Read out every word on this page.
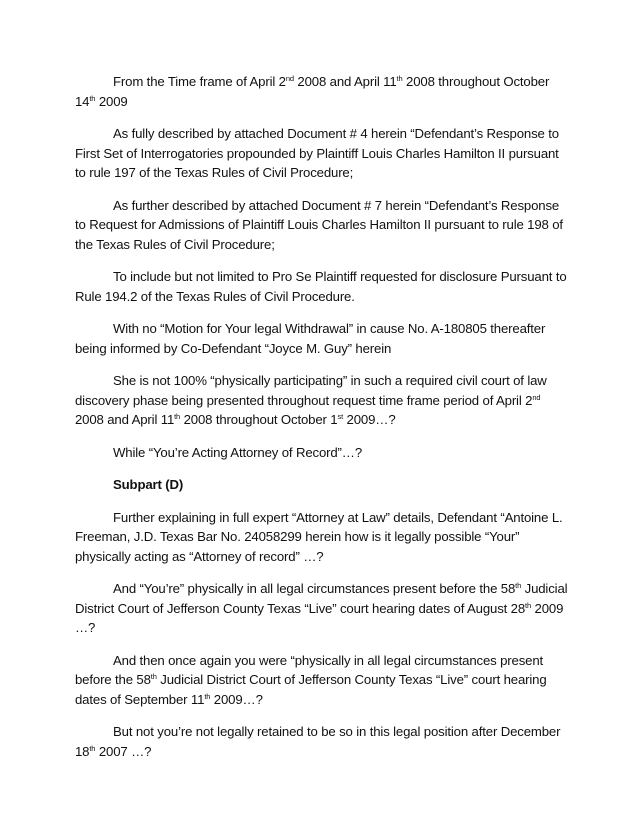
From the Time frame of April 2nd 2008 and April 11th 2008 throughout October 14th 2009

As fully described by attached Document # 4 herein “Defendant’s Response to First Set of Interrogatories propounded by Plaintiff Louis Charles Hamilton II pursuant to rule 197 of the Texas Rules of Civil Procedure;

As further described by attached Document # 7 herein “Defendant’s Response to Request for Admissions of Plaintiff Louis Charles Hamilton II pursuant to rule 198 of the Texas Rules of Civil Procedure;

To include but not limited to Pro Se Plaintiff requested for disclosure Pursuant to Rule 194.2 of the Texas Rules of Civil Procedure.

With no “Motion for Your legal Withdrawal” in cause No. A-180805 thereafter being informed by Co-Defendant “Joyce M. Guy” herein

She is not 100% “physically participating” in such a required civil court of law discovery phase being presented throughout request time frame period of April 2nd 2008 and April 11th 2008 throughout October 1st 2009…?

While “You’re Acting Attorney of Record”…?

Subpart (D)

Further explaining in full expert “Attorney at Law” details, Defendant “Antoine L. Freeman, J.D. Texas Bar No. 24058299 herein how is it legally possible “Your” physically acting as “Attorney of record” …?

And “You’re” physically in all legal circumstances present before the 58th Judicial District Court of Jefferson County Texas “Live” court hearing dates of August 28th 2009 …?

And then once again you were “physically in all legal circumstances present before the 58th Judicial District Court of Jefferson County Texas “Live” court hearing dates of September 11th 2009…?

But not you’re not legally retained to be so in this legal position after December 18th 2007 …?
